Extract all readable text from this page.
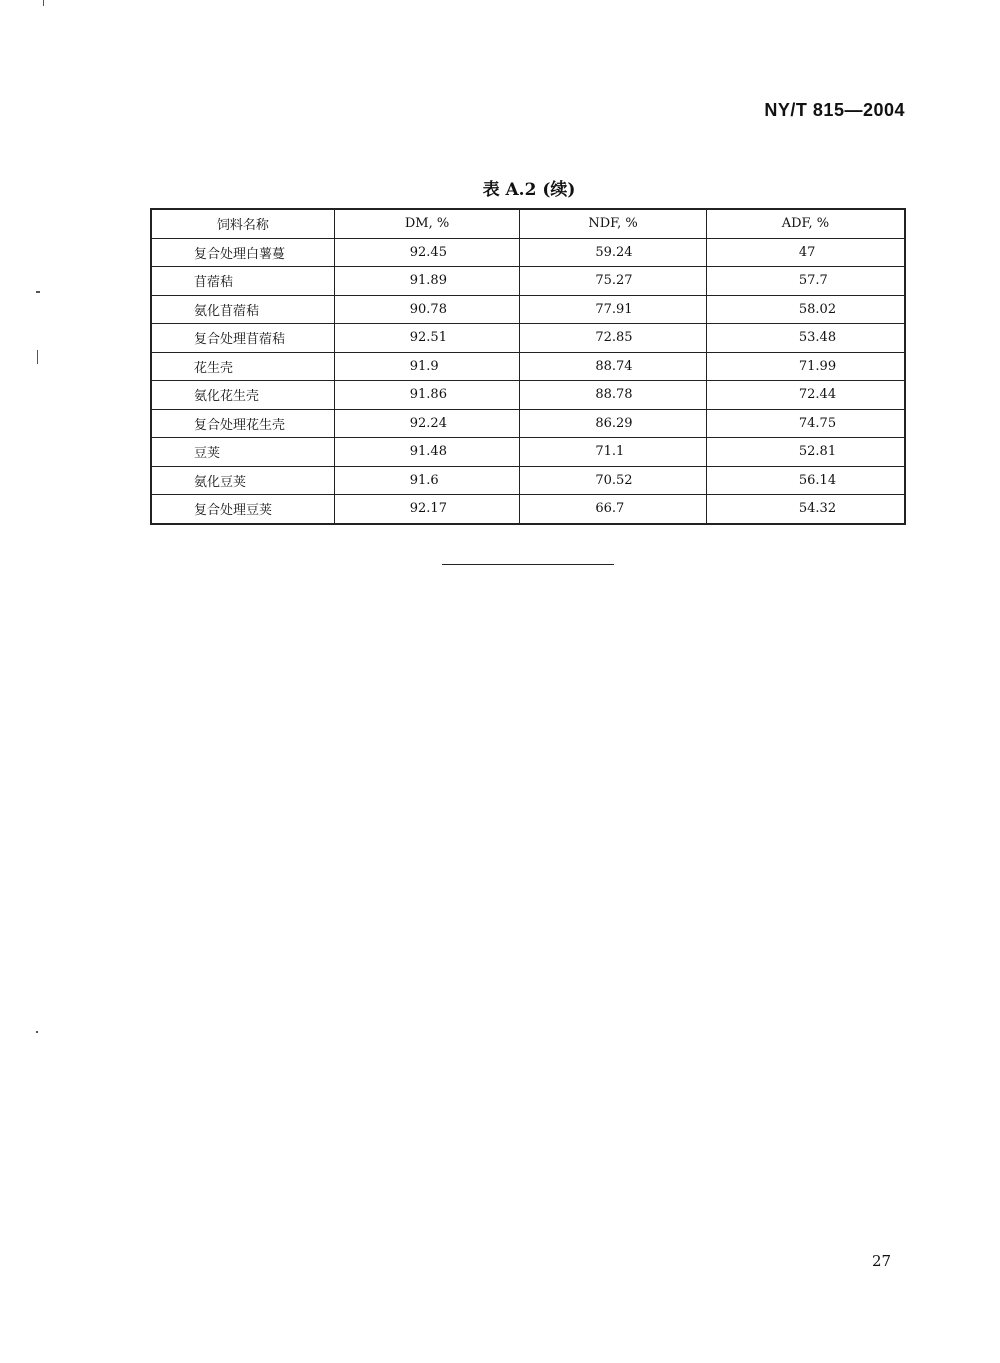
NY/T 815—2004
表 A.2 (续)
饲料名称	DM, %	NDF, %	ADF, %
复合处理白薯蔓	92.45	59.24	47
苜蓿秸	91.89	75.27	57.7
氨化苜蓿秸	90.78	77.91	58.02
复合处理苜蓿秸	92.51	72.85	53.48
花生壳	91.9	88.74	71.99
氨化花生壳	91.86	88.78	72.44
复合处理花生壳	92.24	86.29	74.75
豆荚	91.48	71.1	52.81
氨化豆荚	91.6	70.52	56.14
复合处理豆荚	92.17	66.7	54.32
27
